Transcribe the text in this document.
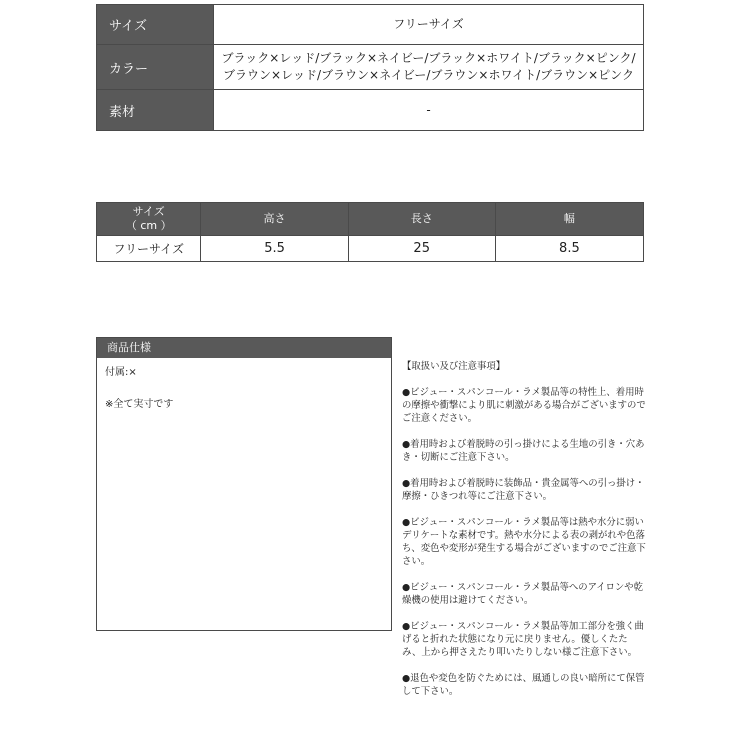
サイズ	フリーサイズ
カラー	ブラック×レッド/ブラック×ネイビー/ブラック×ホワイト/ブラック×ピンク/ブラウン×レッド/ブラウン×ネイビー/ブラウン×ホワイト/ブラウン×ピンク
素材	-
サイズ
（ cm ）	高さ	長さ	幅
フリーサイズ	5.5	25	8.5
商品仕様
付属:×
※全て実寸です

【取扱い及び注意事項】

●ビジュー・スパンコール・ラメ製品等の特性上、着用時の摩擦や衝撃により肌に刺激がある場合がございますのでご注意ください。

●着用時および着脱時の引っ掛けによる生地の引き・穴あき・切断にご注意下さい。

●着用時および着脱時に装飾品・貴金属等への引っ掛け・摩擦・ひきつれ等にご注意下さい。

●ビジュー・スパンコール・ラメ製品等は熱や水分に弱いデリケートな素材です。熱や水分による表の剥がれや色落ち、変色や変形が発生する場合がございますのでご注意下さい。

●ビジュー・スパンコール・ラメ製品等へのアイロンや乾燥機の使用は避けてください。

●ビジュー・スパンコール・ラメ製品等加工部分を強く曲げると折れた状態になり元に戻りません。優しくたたみ、上から押さえたり叩いたりしない様ご注意下さい。

●退色や変色を防ぐためには、風通しの良い暗所にて保管して下さい。
